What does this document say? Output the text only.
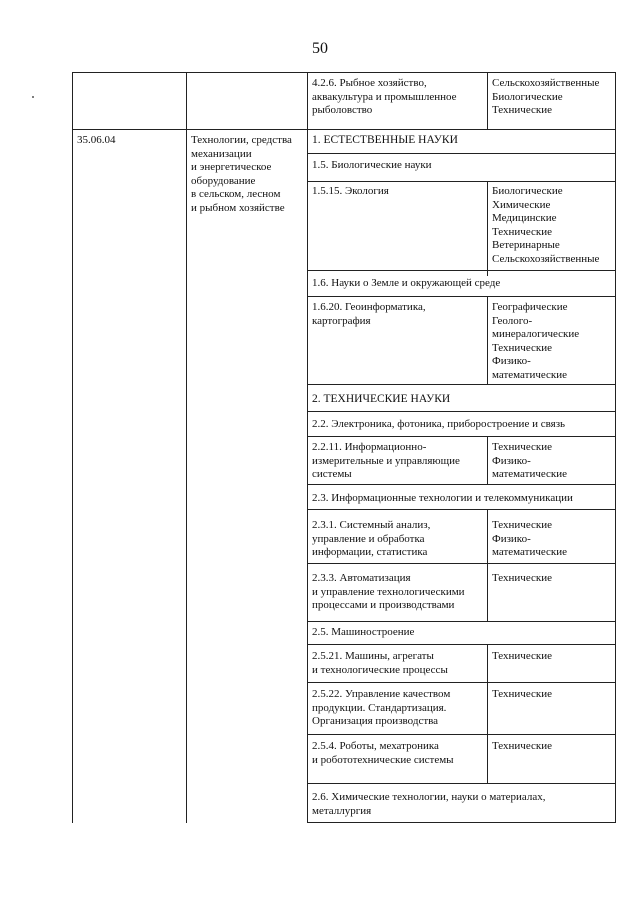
50
4.2.6. Рыбное хозяйство, аквакультура и промышленное рыболовство
Сельскохозяйственные
Биологические
Технические
35.06.04	Технологии, средства механизации
и энергетическое оборудование
в сельском, лесном
и рыбном хозяйстве
1. ЕСТЕСТВЕННЫЕ НАУКИ
1.5. Биологические науки
1.5.15. Экология	Биологические
Химические
Медицинские
Технические
Ветеринарные
Сельскохозяйственные
1.6. Науки о Земле и окружающей среде
1.6.20. Геоинформатика,
картография
Географические
Геолого-
минералогические
Технические
Физико-
математические
2. ТЕХНИЧЕСКИЕ НАУКИ
2.2. Электроника, фотоника, приборостроение и связь
2.2.11. Информационно-
измерительные и управляющие
системы
Технические
Физико-
математические
2.3. Информационные технологии и телекоммуникации
2.3.1. Системный анализ,
управление и обработка
информации, статистика
Технические
Физико-
математические
2.3.3. Автоматизация
и управление технологическими
процессами и производствами
Технические
2.5. Машиностроение
2.5.21. Машины, агрегаты
и технологические процессы
Технические
2.5.22. Управление качеством
продукции. Стандартизация.
Организация производства
Технические
2.5.4. Роботы, мехатроника
и робототехнические системы
Технические
2.6. Химические технологии, науки о материалах,
металлургия
